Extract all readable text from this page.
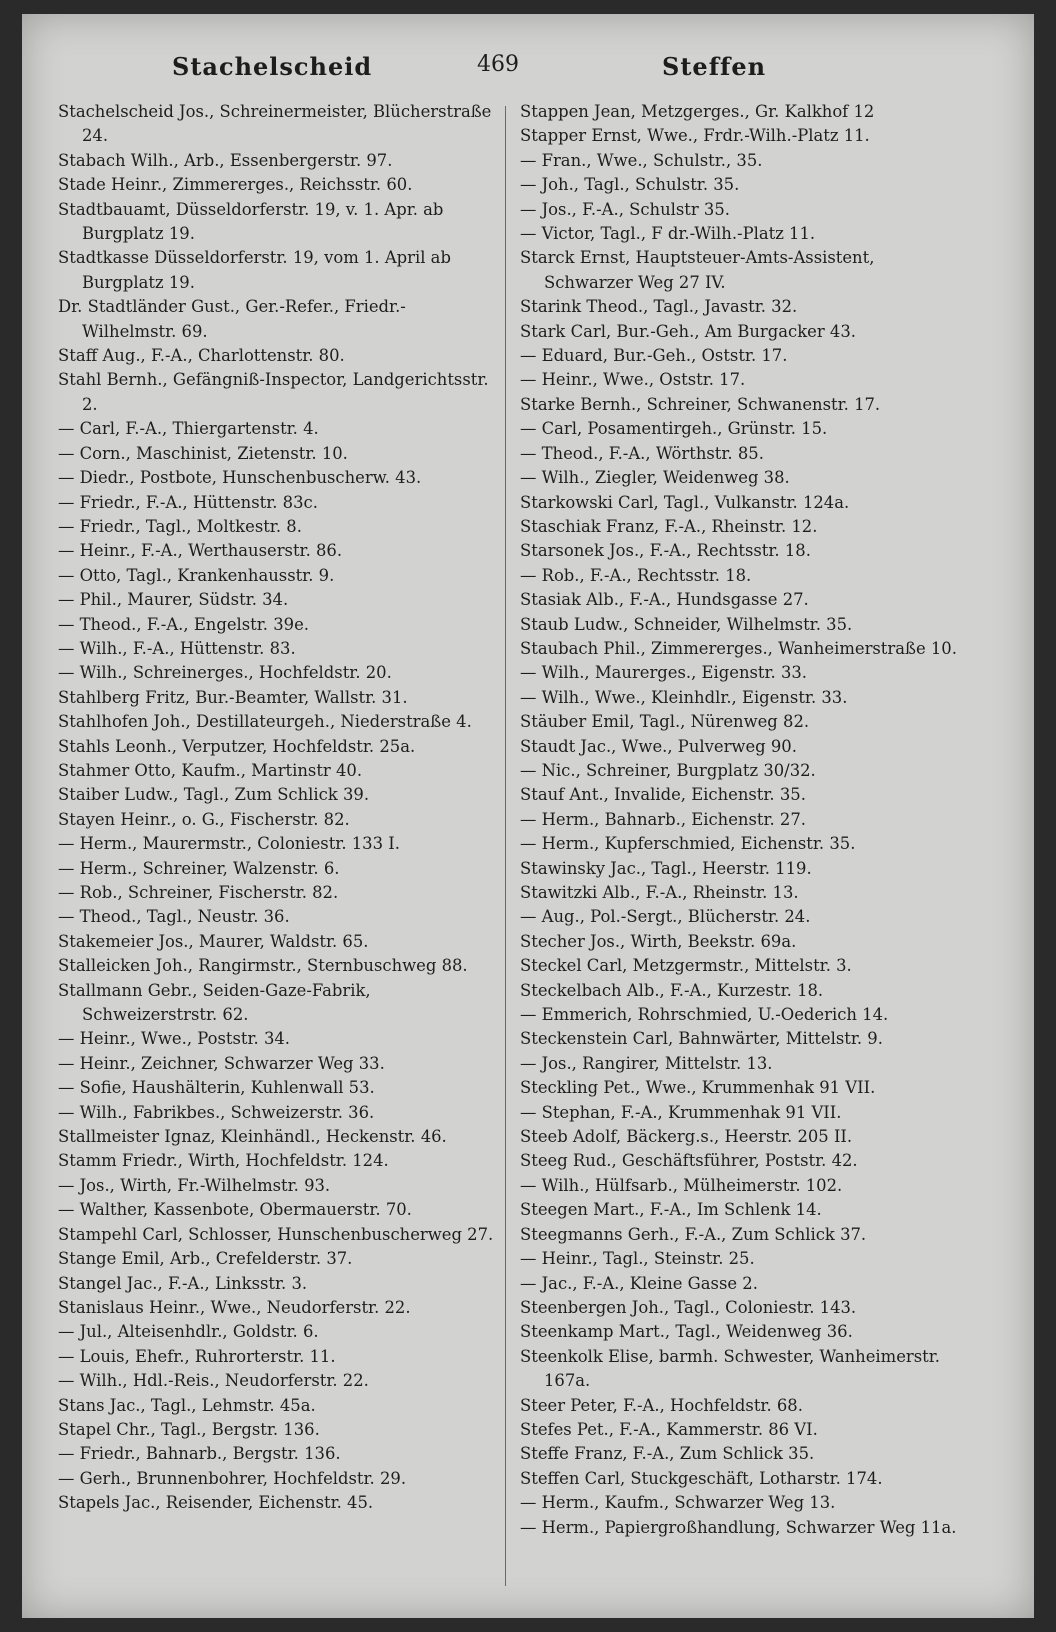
Stachelscheid	469	Steffen
Stachelscheid Jos., Schreinermeister, Blücherstraße 24.
Stabach Wilh., Arb., Essenbergerstr. 97.
Stade Heinr., Zimmererges., Reichsstr. 60.
Stadtbauamt, Düsseldorferstr. 19, v. 1. Apr. ab Burgplatz 19.
Stadtkasse Düsseldorferstr. 19, vom 1. April ab Burgplatz 19.
Dr. Stadtländer Gust., Ger.-Refer., Friedr.-Wilhelmstr. 69.
Staff Aug., F.-A., Charlottenstr. 80.
Stahl Bernh., Gefängniß-Inspector, Landgerichtsstr. 2.
— Carl, F.-A., Thiergartenstr. 4.
— Corn., Maschinist, Zietenstr. 10.
— Diedr., Postbote, Hunschenbuscherw. 43.
— Friedr., F.-A., Hüttenstr. 83c.
— Friedr., Tagl., Moltkestr. 8.
— Heinr., F.-A., Werthauserstr. 86.
— Otto, Tagl., Krankenhausstr. 9.
— Phil., Maurer, Südstr. 34.
— Theod., F.-A., Engelstr. 39e.
— Wilh., F.-A., Hüttenstr. 83.
— Wilh., Schreinerges., Hochfeldstr. 20.
Stahlberg Fritz, Bur.-Beamter, Wallstr. 31.
Stahlhofen Joh., Destillateurgeh., Niederstraße 4.
Stahls Leonh., Verputzer, Hochfeldstr. 25a.
Stahmer Otto, Kaufm., Martinstr 40.
Staiber Ludw., Tagl., Zum Schlick 39.
Stayen Heinr., o. G., Fischerstr. 82.
— Herm., Maurermstr., Coloniestr. 133 I.
— Herm., Schreiner, Walzenstr. 6.
— Rob., Schreiner, Fischerstr. 82.
— Theod., Tagl., Neustr. 36.
Stakemeier Jos., Maurer, Waldstr. 65.
Stalleicken Joh., Rangirmstr., Sternbuschweg 88.
Stallmann Gebr., Seiden-Gaze-Fabrik, Schweizerstrstr. 62.
— Heinr., Wwe., Poststr. 34.
— Heinr., Zeichner, Schwarzer Weg 33.
— Sofie, Haushälterin, Kuhlenwall 53.
— Wilh., Fabrikbes., Schweizerstr. 36.
Stallmeister Ignaz, Kleinhändl., Heckenstr. 46.
Stamm Friedr., Wirth, Hochfeldstr. 124.
— Jos., Wirth, Fr.-Wilhelmstr. 93.
— Walther, Kassenbote, Obermauerstr. 70.
Stampehl Carl, Schlosser, Hunschenbuscherweg 27.
Stange Emil, Arb., Crefelderstr. 37.
Stangel Jac., F.-A., Linksstr. 3.
Stanislaus Heinr., Wwe., Neudorferstr. 22.
— Jul., Alteisenhdlr., Goldstr. 6.
— Louis, Ehefr., Ruhrorterstr. 11.
— Wilh., Hdl.-Reis., Neudorferstr. 22.
Stans Jac., Tagl., Lehmstr. 45a.
Stapel Chr., Tagl., Bergstr. 136.
— Friedr., Bahnarb., Bergstr. 136.
— Gerh., Brunnenbohrer, Hochfeldstr. 29.
Stapels Jac., Reisender, Eichenstr. 45.
Stappen Jean, Metzgerges., Gr. Kalkhof 12
Stapper Ernst, Wwe., Frdr.-Wilh.-Platz 11.
— Fran., Wwe., Schulstr., 35.
— Joh., Tagl., Schulstr. 35.
— Jos., F.-A., Schulstr 35.
— Victor, Tagl., F dr.-Wilh.-Platz 11.
Starck Ernst, Hauptsteuer-Amts-Assistent, Schwarzer Weg 27 IV.
Starink Theod., Tagl., Javastr. 32.
Stark Carl, Bur.-Geh., Am Burgacker 43.
— Eduard, Bur.-Geh., Oststr. 17.
— Heinr., Wwe., Oststr. 17.
Starke Bernh., Schreiner, Schwanenstr. 17.
— Carl, Posamentirgeh., Grünstr. 15.
— Theod., F.-A., Wörthstr. 85.
— Wilh., Ziegler, Weidenweg 38.
Starkowski Carl, Tagl., Vulkanstr. 124a.
Staschiak Franz, F.-A., Rheinstr. 12.
Starsonek Jos., F.-A., Rechtsstr. 18.
— Rob., F.-A., Rechtsstr. 18.
Stasiak Alb., F.-A., Hundsgasse 27.
Staub Ludw., Schneider, Wilhelmstr. 35.
Staubach Phil., Zimmererges., Wanheimerstraße 10.
— Wilh., Maurerges., Eigenstr. 33.
— Wilh., Wwe., Kleinhdlr., Eigenstr. 33.
Stäuber Emil, Tagl., Nürenweg 82.
Staudt Jac., Wwe., Pulverweg 90.
— Nic., Schreiner, Burgplatz 30/32.
Stauf Ant., Invalide, Eichenstr. 35.
— Herm., Bahnarb., Eichenstr. 27.
— Herm., Kupferschmied, Eichenstr. 35.
Stawinsky Jac., Tagl., Heerstr. 119.
Stawitzki Alb., F.-A., Rheinstr. 13.
— Aug., Pol.-Sergt., Blücherstr. 24.
Stecher Jos., Wirth, Beekstr. 69a.
Steckel Carl, Metzgermstr., Mittelstr. 3.
Steckelbach Alb., F.-A., Kurzestr. 18.
— Emmerich, Rohrschmied, U.-Oederich 14.
Steckenstein Carl, Bahnwärter, Mittelstr. 9.
— Jos., Rangirer, Mittelstr. 13.
Steckling Pet., Wwe., Krummenhak 91 VII.
— Stephan, F.-A., Krummenhak 91 VII.
Steeb Adolf, Bäckerg.s., Heerstr. 205 II.
Steeg Rud., Geschäftsführer, Poststr. 42.
— Wilh., Hülfsarb., Mülheimerstr. 102.
Steegen Mart., F.-A., Im Schlenk 14.
Steegmanns Gerh., F.-A., Zum Schlick 37.
— Heinr., Tagl., Steinstr. 25.
— Jac., F.-A., Kleine Gasse 2.
Steenbergen Joh., Tagl., Coloniestr. 143.
Steenkamp Mart., Tagl., Weidenweg 36.
Steenkolk Elise, barmh. Schwester, Wanheimerstr. 167a.
Steer Peter, F.-A., Hochfeldstr. 68.
Stefes Pet., F.-A., Kammerstr. 86 VI.
Steffe Franz, F.-A., Zum Schlick 35.
Steffen Carl, Stuckgeschäft, Lotharstr. 174.
— Herm., Kaufm., Schwarzer Weg 13.
— Herm., Papiergroßhandlung, Schwarzer Weg 11a.
